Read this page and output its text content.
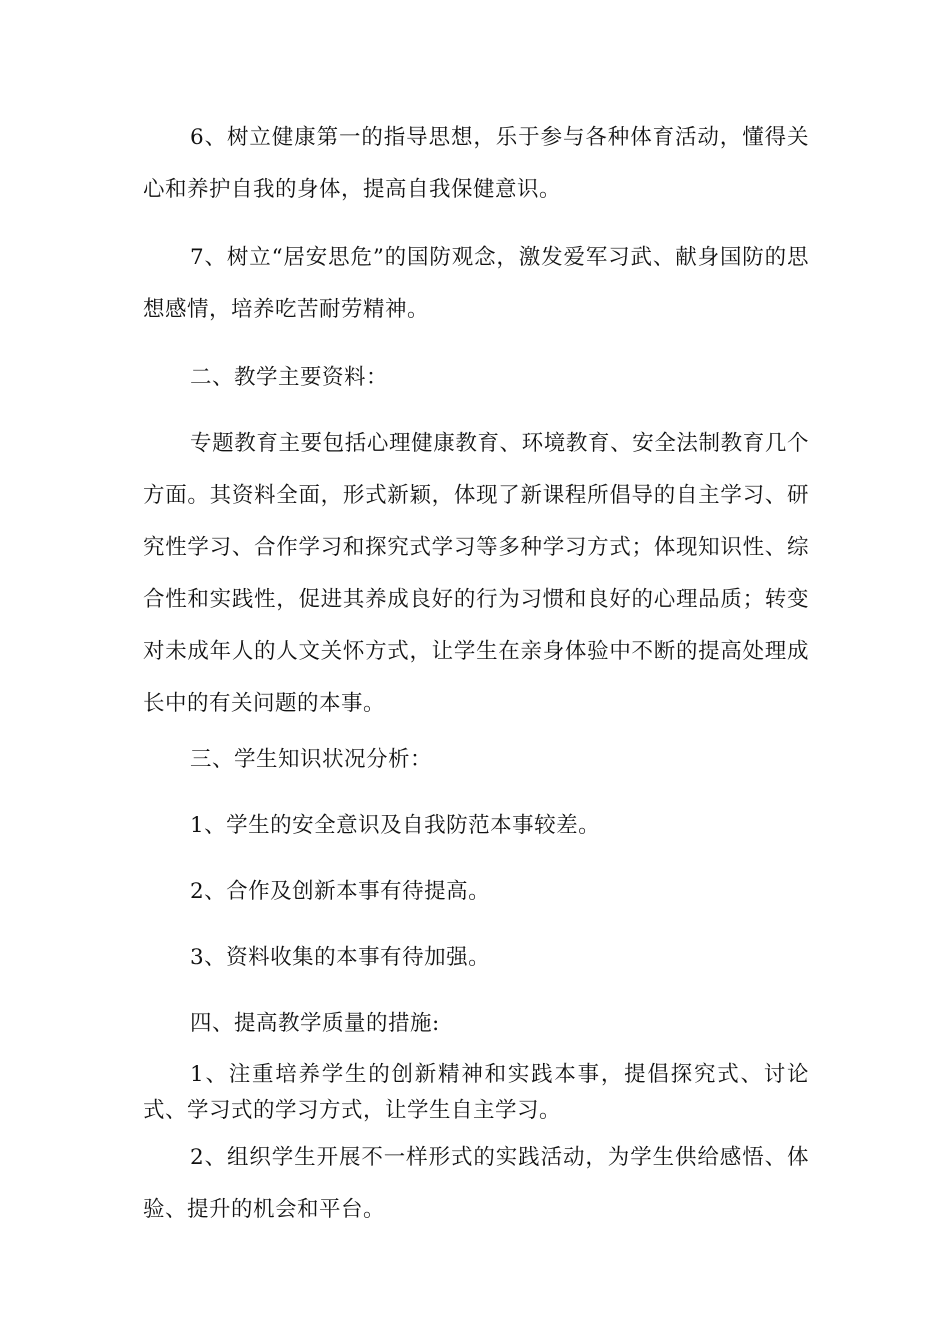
6、树立健康第一的指导思想，乐于参与各种体育活动，懂得关心和养护自我的身体，提高自我保健意识。

7、树立“居安思危”的国防观念，激发爱军习武、献身国防的思想感情，培养吃苦耐劳精神。

二、教学主要资料：

专题教育主要包括心理健康教育、环境教育、安全法制教育几个方面。其资料全面，形式新颖，体现了新课程所倡导的自主学习、研究性学习、合作学习和探究式学习等多种学习方式；体现知识性、综合性和实践性，促进其养成良好的行为习惯和良好的心理品质；转变对未成年人的人文关怀方式，让学生在亲身体验中不断的提高处理成长中的有关问题的本事。

三、学生知识状况分析：

1、学生的安全意识及自我防范本事较差。

2、合作及创新本事有待提高。

3、资料收集的本事有待加强。

四、提高教学质量的措施:

1、注重培养学生的创新精神和实践本事，提倡探究式、讨论式、学习式的学习方式，让学生自主学习。

2、组织学生开展不一样形式的实践活动，为学生供给感悟、体验、提升的机会和平台。
